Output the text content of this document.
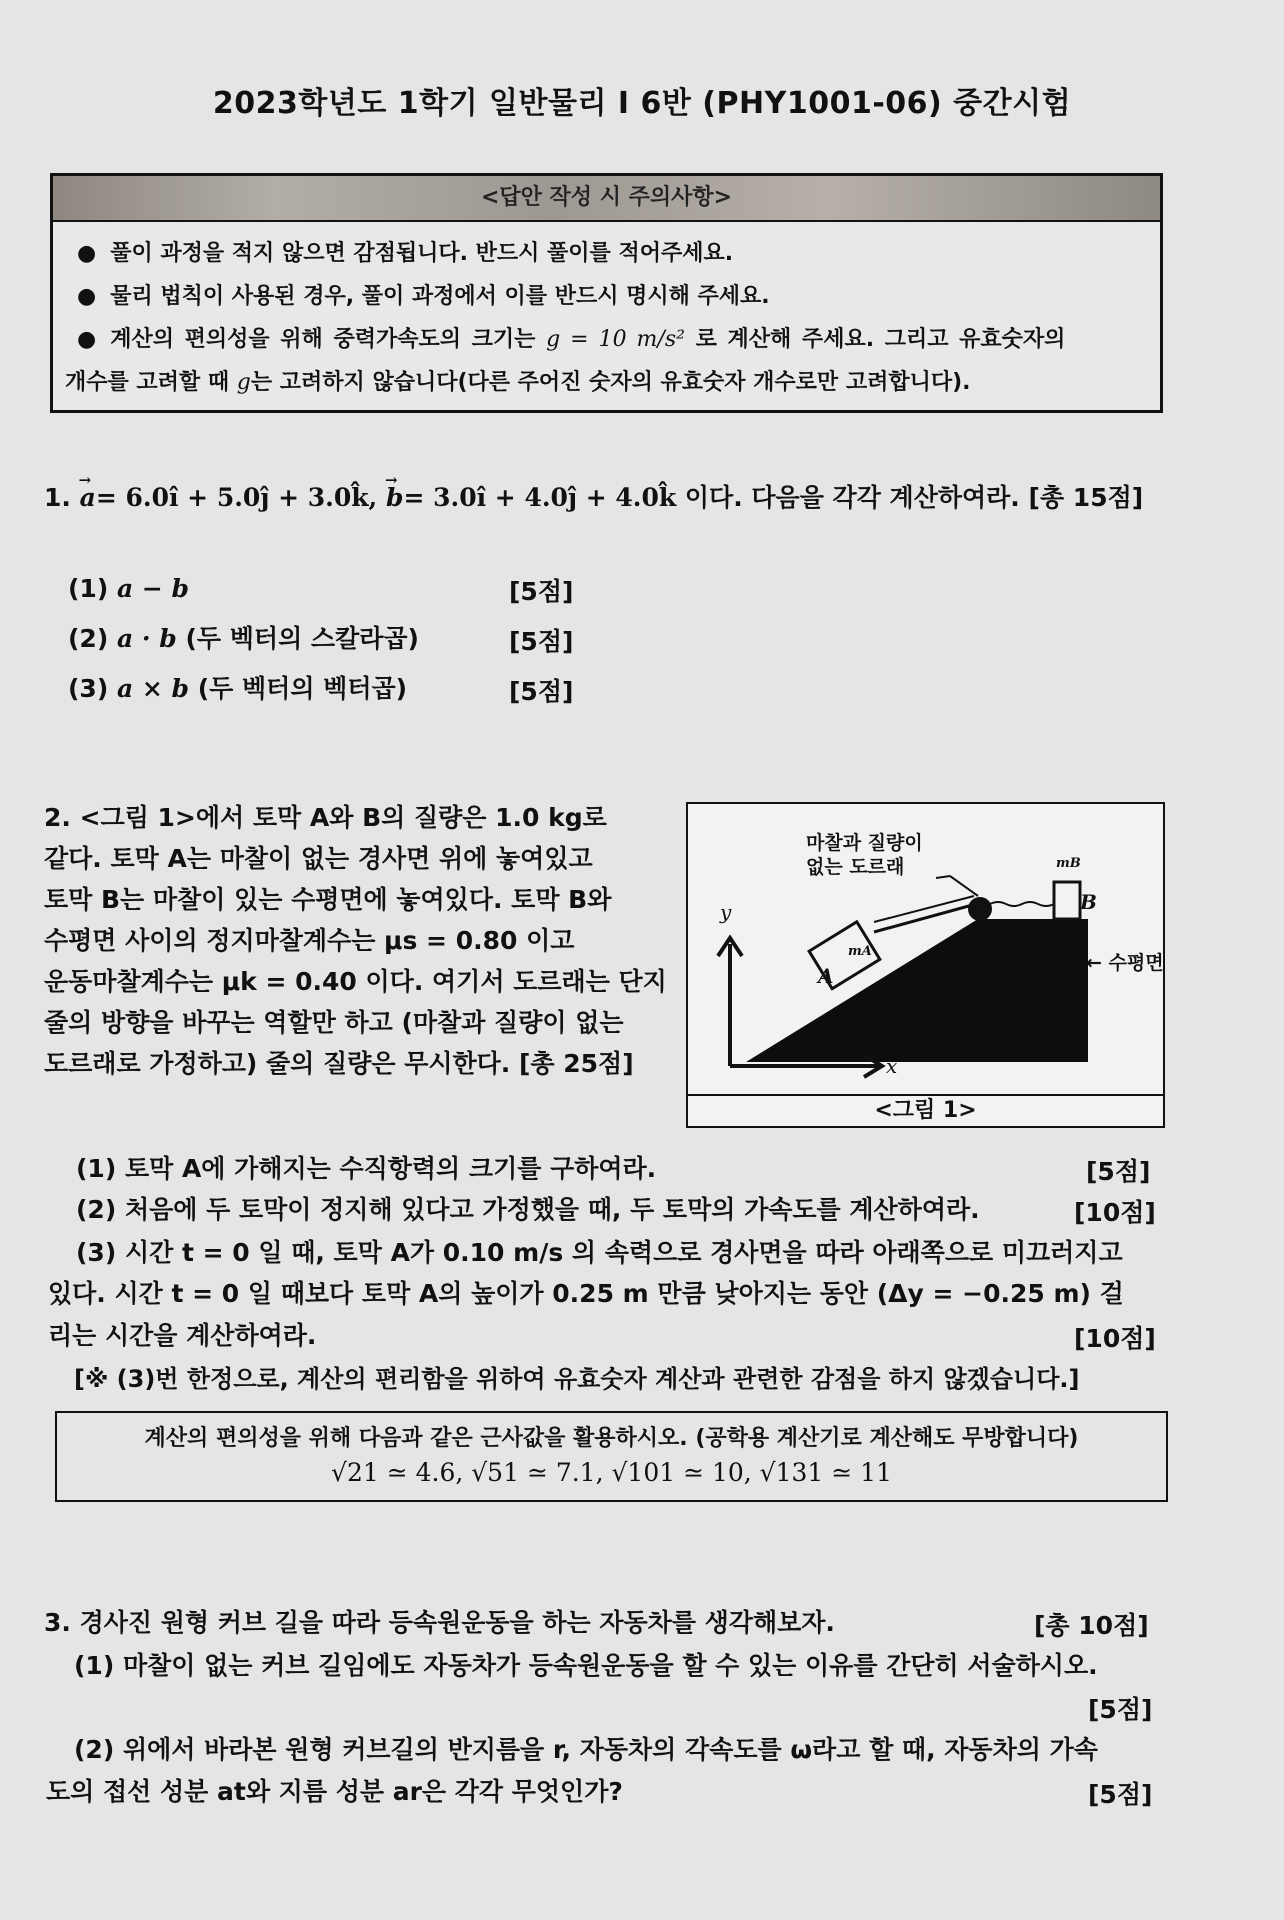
2023학년도 1학기 일반물리 I 6반 (PHY1001-06) 중간시험
<답안 작성 시 주의사항>
● 풀이 과정을 적지 않으면 감점됩니다. 반드시 풀이를 적어주세요.
● 물리 법칙이 사용된 경우, 풀이 과정에서 이를 반드시 명시해 주세요.
● 계산의 편의성을 위해 중력가속도의 크기는 g = 10 m/s² 로 계산해 주세요. 그리고 유효숫자의
개수를 고려할 때 g는 고려하지 않습니다(다른 주어진 숫자의 유효숫자 개수로만 고려합니다).
1. → a= 6.0î + 5.0ĵ + 3.0k̂, → b= 3.0î + 4.0ĵ + 4.0k̂ 이다. 다음을 각각 계산하여라. [총 15점]
(1) a − b	[5점]
(2) a · b (두 벡터의 스칼라곱)	[5점]
(3) a × b (두 벡터의 벡터곱)	[5점]
2. <그림 1>에서 토막 A와 B의 질량은 1.0 kg로
같다. 토막 A는 마찰이 없는 경사면 위에 놓여있고
토막 B는 마찰이 있는 수평면에 놓여있다. 토막 B와
수평면 사이의 정지마찰계수는 μs = 0.80 이고
운동마찰계수는 μk = 0.40 이다. 여기서 도르래는 단지
줄의 방향을 바꾸는 역할만 하고 (마찰과 질량이 없는
도르래로 가정하고) 줄의 질량은 무시한다. [총 25점]
마찰과 질량이
없는 도르래	mB
B
mA
A
y
x
← 수평면
<그림 1>
(1) 토막 A에 가해지는 수직항력의 크기를 구하여라.	[5점]
(2) 처음에 두 토막이 정지해 있다고 가정했을 때, 두 토막의 가속도를 계산하여라.	[10점]
(3) 시간 t = 0 일 때, 토막 A가 0.10 m/s 의 속력으로 경사면을 따라 아래쪽으로 미끄러지고
있다. 시간 t = 0 일 때보다 토막 A의 높이가 0.25 m 만큼 낮아지는 동안 (Δy = −0.25 m) 걸
리는 시간을 계산하여라.	[10점]
[※ (3)번 한정으로, 계산의 편리함을 위하여 유효숫자 계산과 관련한 감점을 하지 않겠습니다.]
계산의 편의성을 위해 다음과 같은 근사값을 활용하시오. (공학용 계산기로 계산해도 무방합니다)
√21 ≃ 4.6, √51 ≃ 7.1, √101 ≃ 10, √131 ≃ 11
3. 경사진 원형 커브 길을 따라 등속원운동을 하는 자동차를 생각해보자.	[총 10점]
(1) 마찰이 없는 커브 길임에도 자동차가 등속원운동을 할 수 있는 이유를 간단히 서술하시오.
[5점]
(2) 위에서 바라본 원형 커브길의 반지름을 r, 자동차의 각속도를 ω라고 할 때, 자동차의 가속
도의 접선 성분 at와 지름 성분 ar은 각각 무엇인가?	[5점]
